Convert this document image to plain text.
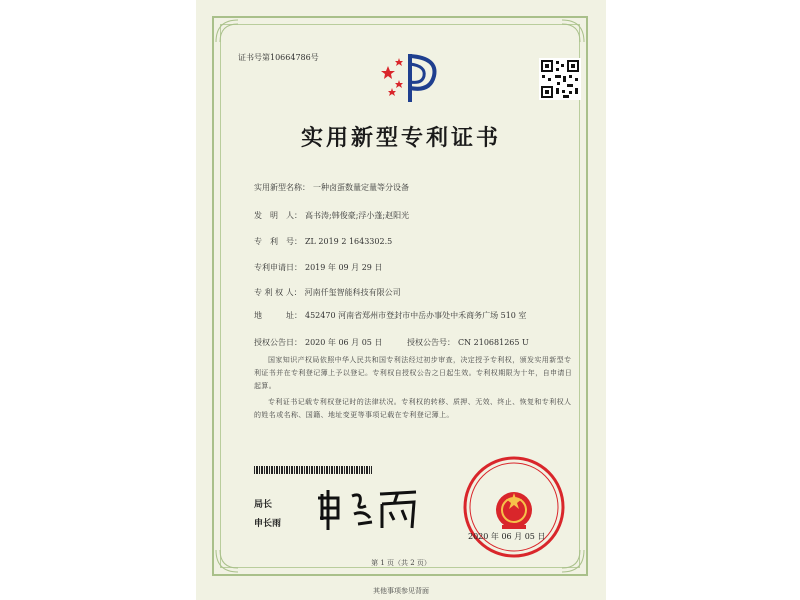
证书号第10664786号
实用新型专利证书
实用新型名称： 一种卤蛋数量定量等分设备
发　明　人： 高书涛;韩俊豪;浮小蓬;赵阳光
专　利　号： ZL 2019 2 1643302.5
专利申请日： 2019 年 09 月 29 日
专 利 权 人： 河南仟玺智能科技有限公司
地　　　址： 452470 河南省郑州市登封市中岳办事处中禾商务广场 510 室
授权公告日： 2020 年 06 月 05 日	授权公告号： CN 210681265 U
国家知识产权局依照中华人民共和国专利法经过初步审查，决定授予专利权，颁发实用新型专利证书并在专利登记簿上予以登记。专利权自授权公告之日起生效。专利权期限为十年，自申请日起算。
专利证书记载专利权登记时的法律状况。专利权的转移、质押、无效、终止、恢复和专利权人的姓名或名称、国籍、地址变更等事项记载在专利登记簿上。
局长
申长雨
2020 年 06 月 05 日
第 1 页（共 2 页）
其他事项参见背面
